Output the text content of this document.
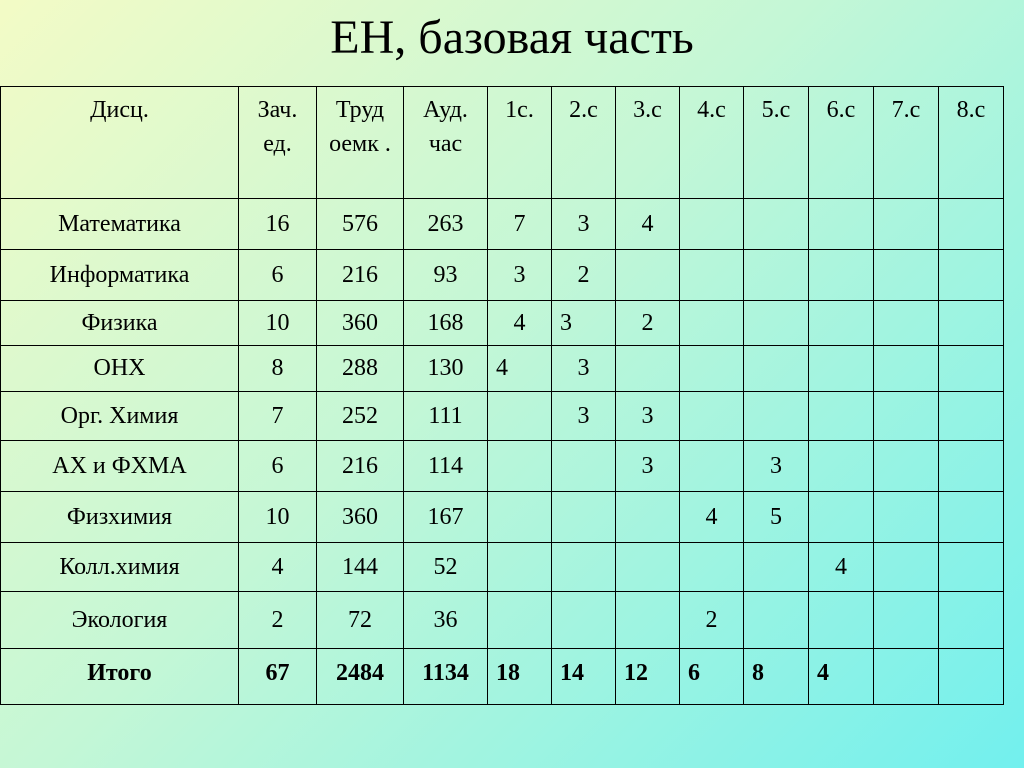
ЕН, базовая часть
Дисц.	Зач. ед.	Труд оемк .	Ауд. час	1с.	2.с	3.с	4.с	5.с	6.с	7.с	8.с
Математика	16	576	263	7	3	4					
Информатика	6	216	93	3	2						
Физика	10	360	168	4	3	2					
ОНХ	8	288	130	4	3						
Орг. Химия	7	252	111		3	3					
АХ и ФХМА	6	216	114			3		3			
Физхимия	10	360	167				4	5			
Колл.химия	4	144	52						4		
Экология	2	72	36				2				
Итого	67	2484	1134	18	14	12	6	8	4		
